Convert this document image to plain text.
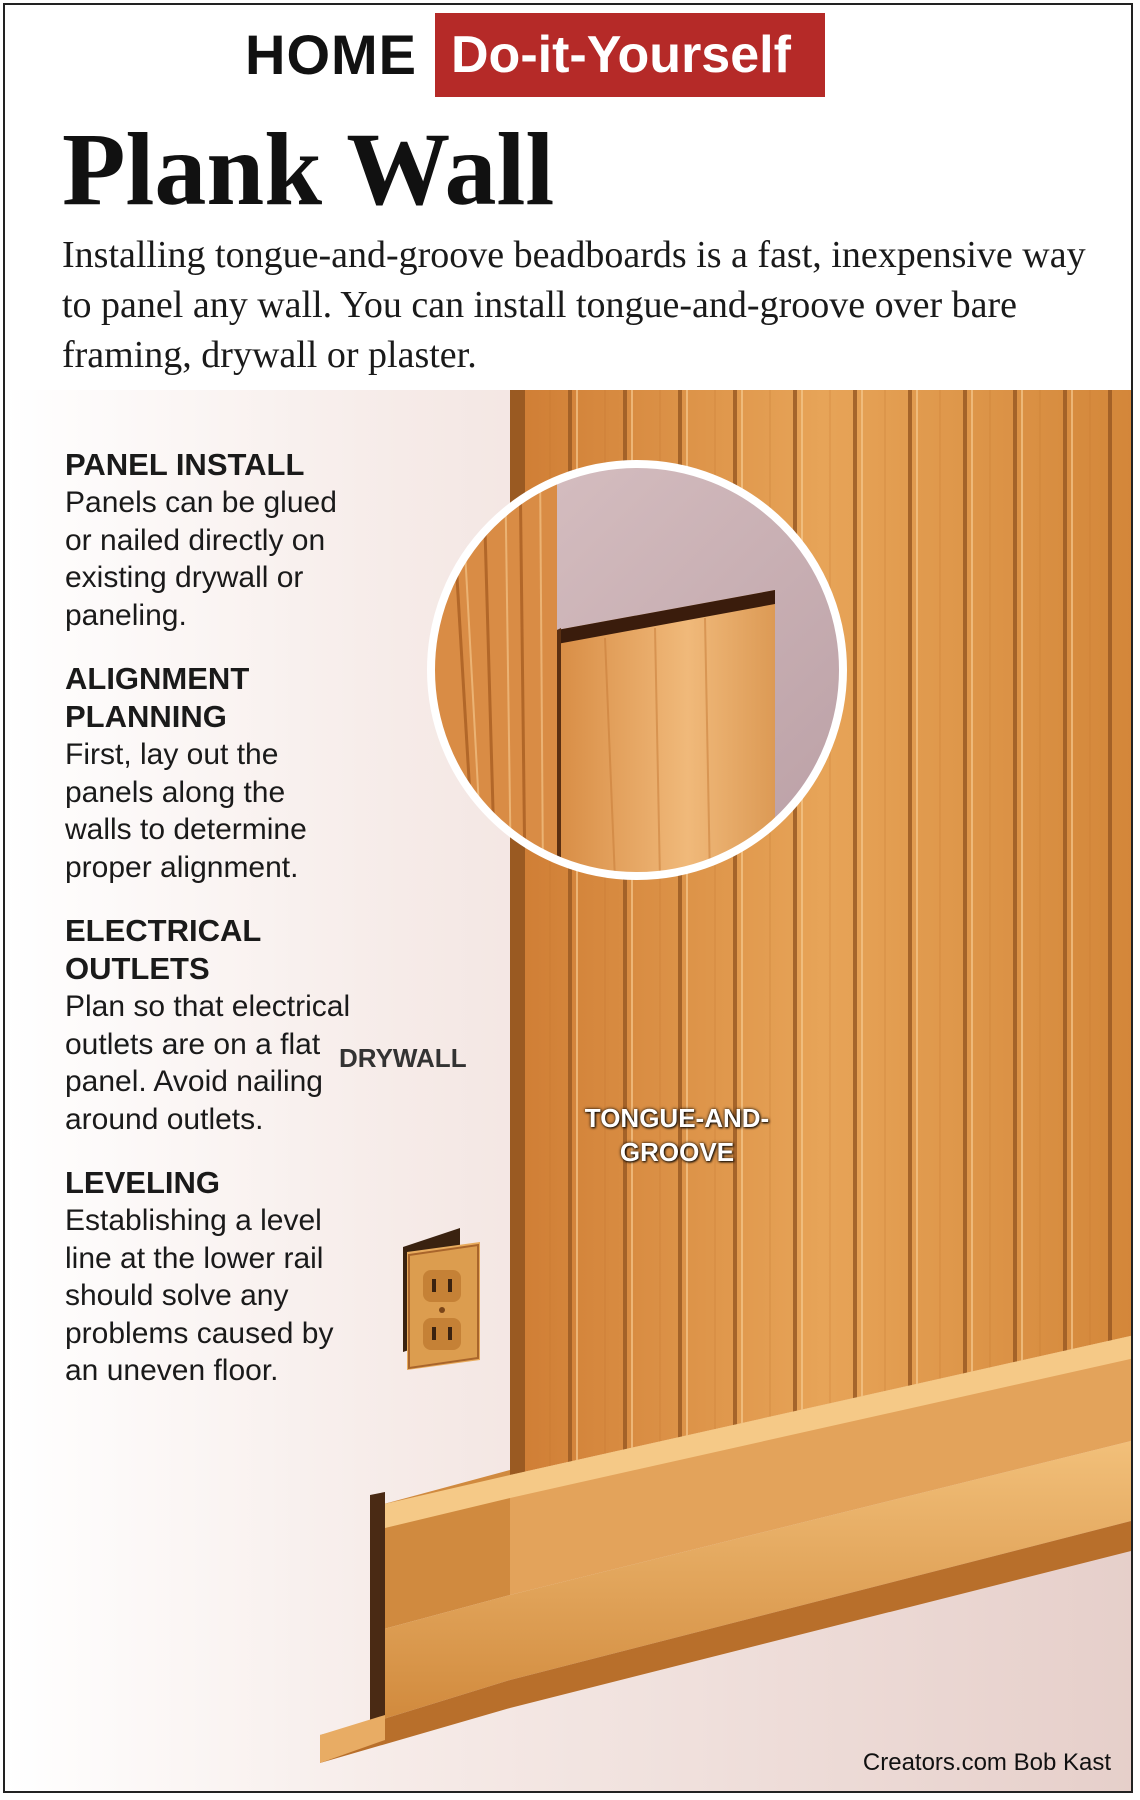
HOME Do-it-Yourself
Plank Wall
Installing tongue-and-groove beadboards is a fast, inexpensive way to panel any wall. You can install tongue-and-groove over bare framing, drywall or plaster.
PANEL INSTALL
Panels can be glued or nailed directly on existing drywall or paneling.
ALIGNMENT PLANNING
First, lay out the panels along the walls to determine proper alignment.
ELECTRICAL OUTLETS
Plan so that electrical outlets are on a flat panel. Avoid nailing around outlets.
LEVELING
Establishing a level line at the lower rail should solve any problems caused by an uneven floor.
DRYWALL
TONGUE-AND-GROOVE
Creators.com Bob Kast
